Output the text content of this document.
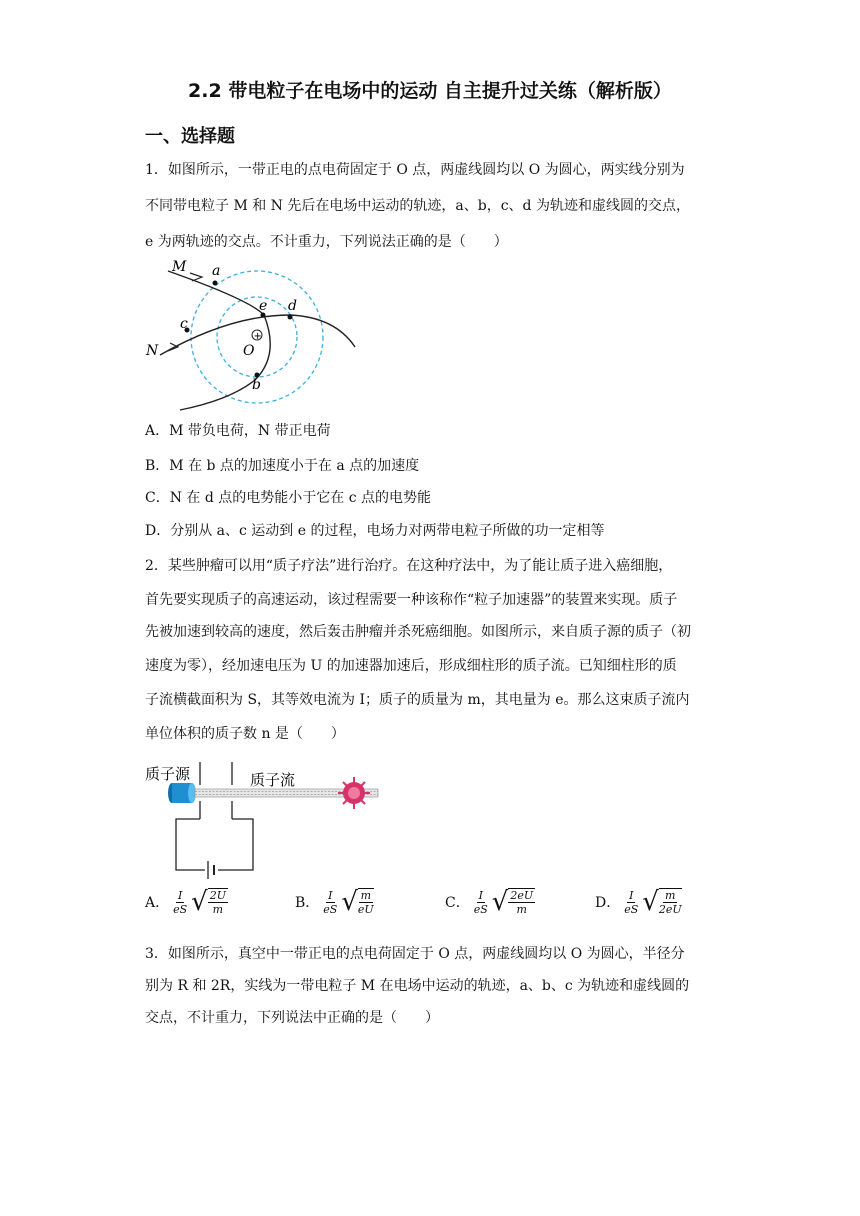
2.2 带电粒子在电场中的运动 自主提升过关练（解析版）
一、选择题
1．如图所示，一带正电的点电荷固定于 O 点，两虚线圆均以 O 为圆心，两实线分别为
不同带电粒子 M 和 N 先后在电场中运动的轨迹，a、b，c、d 为轨迹和虚线圆的交点，
e 为两轨迹的交点。不计重力，下列说法正确的是（　　）
+
M a
c
N
e d
O
b
A．M 带负电荷，N 带正电荷
B．M 在 b 点的加速度小于在 a 点的加速度
C．N 在 d 点的电势能小于它在 c 点的电势能
D．分别从 a、c 运动到 e 的过程，电场力对两带电粒子所做的功一定相等
2．某些肿瘤可以用“质子疗法”进行治疗。在这种疗法中，为了能让质子进入癌细胞，
首先要实现质子的高速运动，该过程需要一种该称作“粒子加速器”的装置来实现。质子
先被加速到较高的速度，然后轰击肿瘤并杀死癌细胞。如图所示，来自质子源的质子（初
速度为零），经加速电压为 U 的加速器加速后，形成细柱形的质子流。已知细柱形的质
子流横截面积为 S，其等效电流为 I；质子的质量为 m，其电量为 e。那么这束质子流内
单位体积的质子数 n 是（　　）
质子源	质子流
A． $\frac{I}{eS}$ √ $\frac{2U}{m}$	B． $\frac{I}{eS}$ √ $\frac{m}{eU}$	C． $\frac{I}{eS}$ √ $\frac{2eU}{m}$	D． $\frac{I}{eS}$ √ $\frac{m}{2eU}$
3．如图所示，真空中一带正电的点电荷固定于 O 点，两虚线圆均以 O 为圆心，半径分
别为 R 和 2R，实线为一带电粒子 M 在电场中运动的轨迹，a、b、c 为轨迹和虚线圆的
交点，不计重力，下列说法中正确的是（　　）
